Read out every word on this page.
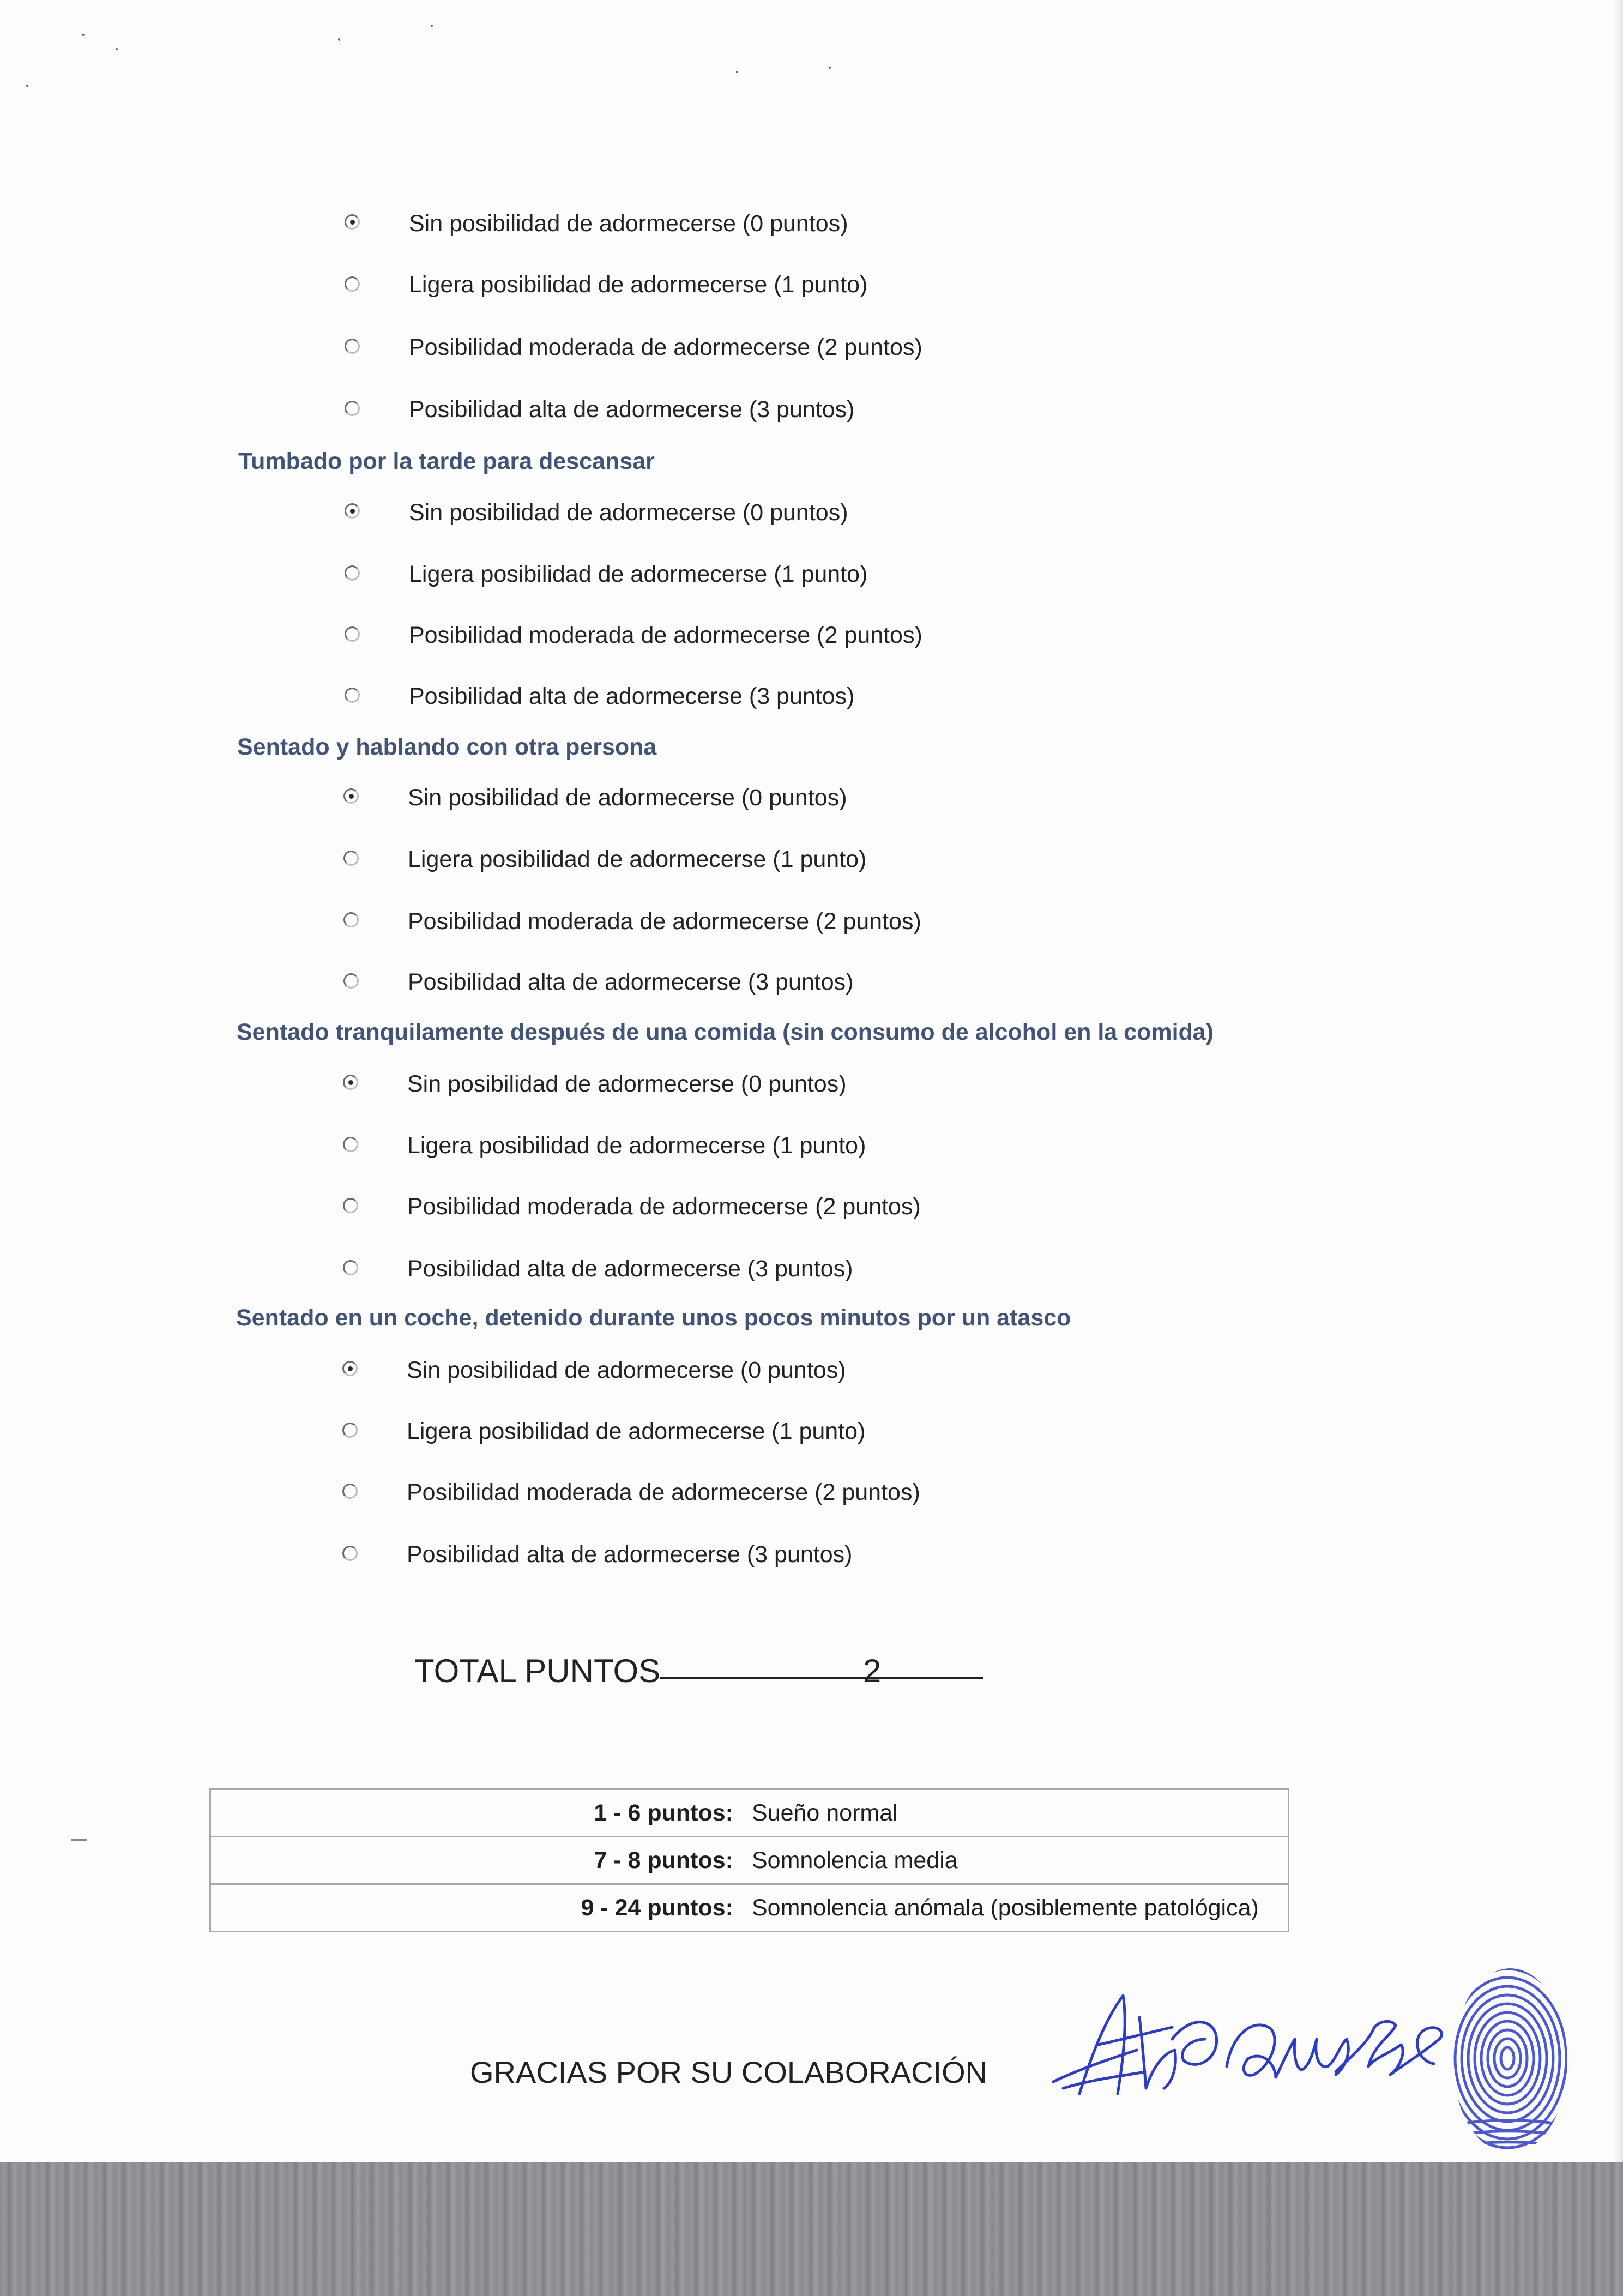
Sin posibilidad de adormecerse (0 puntos)
Ligera posibilidad de adormecerse (1 punto)
Posibilidad moderada de adormecerse (2 puntos)
Posibilidad alta de adormecerse (3 puntos)
Tumbado por la tarde para descansar
Sin posibilidad de adormecerse (0 puntos)
Ligera posibilidad de adormecerse (1 punto)
Posibilidad moderada de adormecerse (2 puntos)
Posibilidad alta de adormecerse (3 puntos)
Sentado y hablando con otra persona
Sin posibilidad de adormecerse (0 puntos)
Ligera posibilidad de adormecerse (1 punto)
Posibilidad moderada de adormecerse (2 puntos)
Posibilidad alta de adormecerse (3 puntos)
Sentado tranquilamente después de una comida (sin consumo de alcohol en la comida)
Sin posibilidad de adormecerse (0 puntos)
Ligera posibilidad de adormecerse (1 punto)
Posibilidad moderada de adormecerse (2 puntos)
Posibilidad alta de adormecerse (3 puntos)
Sentado en un coche, detenido durante unos pocos minutos por un atasco
Sin posibilidad de adormecerse (0 puntos)
Ligera posibilidad de adormecerse (1 punto)
Posibilidad moderada de adormecerse (2 puntos)
Posibilidad alta de adormecerse (3 puntos)
TOTAL PUNTOS	2
1 - 6 puntos:	Sueño normal
7 - 8 puntos:	Somnolencia media
9 - 24 puntos:	Somnolencia anómala (posiblemente patológica)
GRACIAS POR SU COLABORACIÓN
